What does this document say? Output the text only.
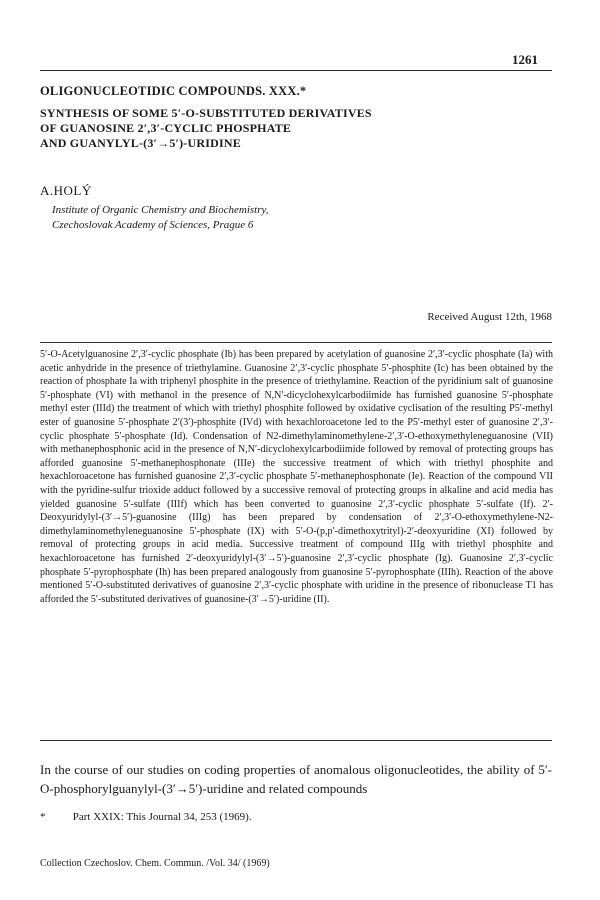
1261
OLIGONUCLEOTIDIC COMPOUNDS. XXX.*
SYNTHESIS OF SOME 5′-O-SUBSTITUTED DERIVATIVES
OF GUANOSINE 2′,3′-CYCLIC PHOSPHATE
AND GUANYLYL-(3′→5′)-URIDINE
A.HOLÝ
Institute of Organic Chemistry and Biochemistry,
Czechoslovak Academy of Sciences, Prague 6
Received August 12th, 1968

5′-O-Acetylguanosine 2′,3′-cyclic phosphate (Ib) has been prepared by acetylation of guanosine 2′,3′-cyclic phosphate (Ia) with acetic anhydride in the presence of triethylamine. Guanosine 2′,3′-cyclic phosphate 5′-phosphite (Ic) has been obtained by the reaction of phosphate Ia with triphenyl phosphite in the presence of triethylamine. Reaction of the pyridinium salt of guanosine 5′-phosphate (VI) with methanol in the presence of N,N′-dicyclohexylcarbodiimide has furnished guanosine 5′-phosphate methyl ester (IIId) the treatment of which with triethyl phosphite followed by oxidative cyclisation of the resulting P5′-methyl ester of guanosine 5′-phosphate 2′(3′)-phosphite (IVd) with hexachloroacetone led to the P5′-methyl ester of guanosine 2′,3′-cyclic phosphate 5′-phosphate (Id). Condensation of N2-dimethylaminomethylene-2′,3′-O-ethoxymethyleneguanosine (VII) with methanephosphonic acid in the presence of N,N′-dicyclohexylcarbodiimide followed by removal of protecting groups has afforded guanosine 5′-methanephosphonate (IIIe) the successive treatment of which with triethyl phosphite and hexachloroacetone has furnished guanosine 2′,3′-cyclic phosphate 5′-methanephosphonate (Ie). Reaction of the compound VII with the pyridine-sulfur trioxide adduct followed by a successive removal of protecting groups in alkaline and acid media has yielded guanosine 5′-sulfate (IIIf) which has been converted to guanosine 2′,3′-cyclic phosphate 5′-sulfate (If). 2′-Deoxyuridylyl-(3′→5′)-guanosine (IIIg) has been prepared by condensation of 2′,3′-O-ethoxymethylene-N2-dimethylaminomethyleneguanosine 5′-phosphate (IX) with 5′-O-(p,p′-dimethoxytrityl)-2′-deoxyuridine (XI) followed by removal of protecting groups in acid media. Successive treatment of compound IIIg with triethyl phosphite and hexachloroacetone has furnished 2′-deoxyuridylyl-(3′→5′)-guanosine 2′,3′-cyclic phosphate (Ig). Guanosine 2′,3′-cyclic phosphate 5′-pyrophosphate (Ih) has been prepared analogously from guanosine 5′-pyrophosphate (IIIh). Reaction of the above mentioned 5′-O-substituted derivatives of guanosine 2′,3′-cyclic phosphate with uridine in the presence of ribonuclease T1 has afforded the 5′-substituted derivatives of guanosine-(3′→5′)-uridine (II).

In the course of our studies on coding properties of anomalous oligonucleotides, the ability of 5′-O-phosphorylguanylyl-(3′→5′)-uridine and related compounds

* Part XXIX: This Journal 34, 253 (1969).
Collection Czechoslov. Chem. Commun. /Vol. 34/ (1969)
